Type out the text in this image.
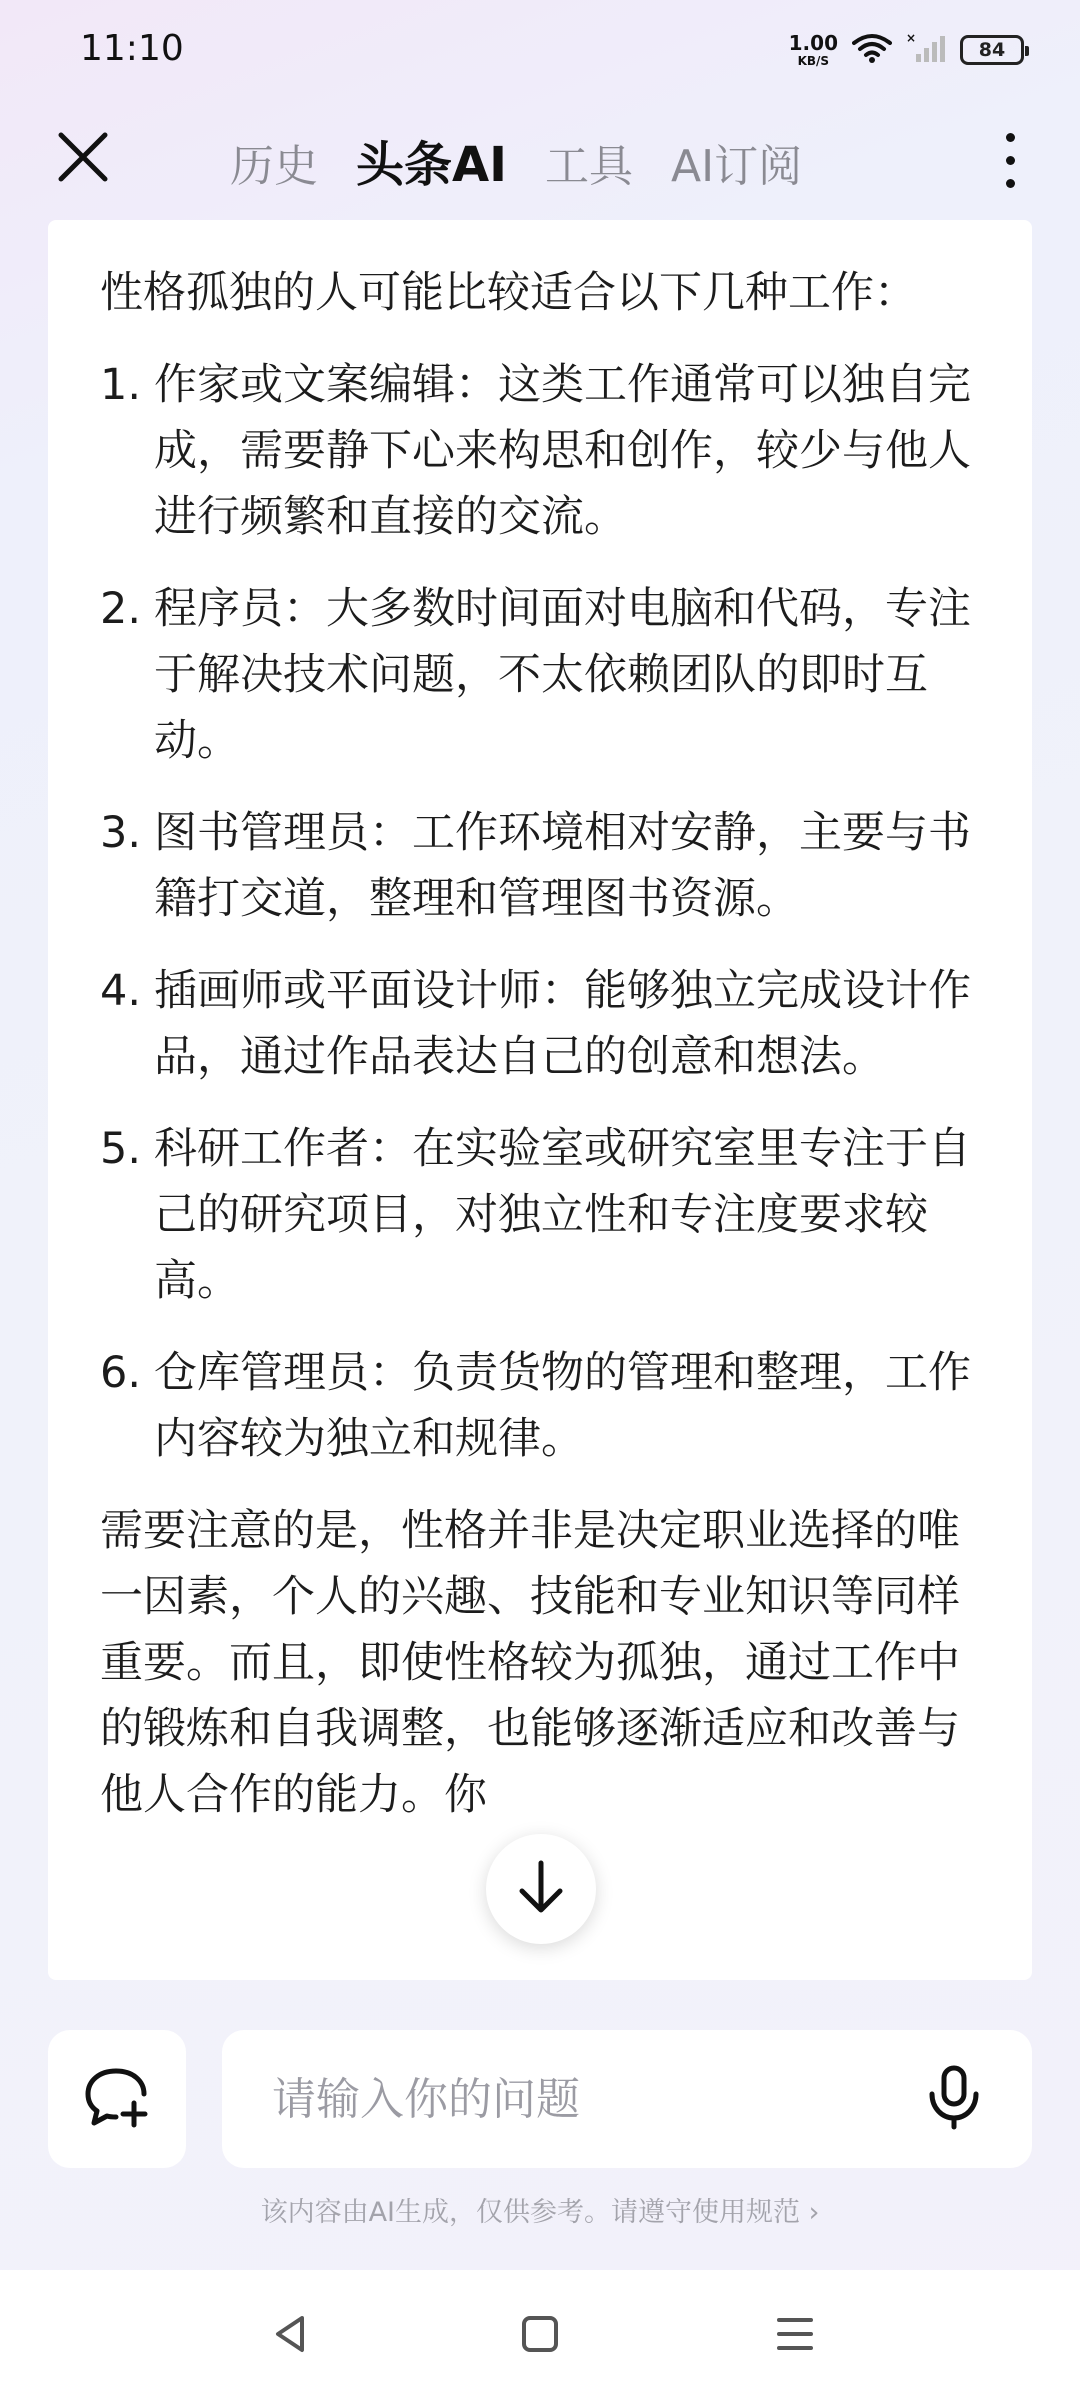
11:10	1.00
KB/S
×
84
历史 头条AI 工具 AI订阅

性格孤独的人可能比较适合以下几种工作：

1. 作家或文案编辑：这类工作通常可以独自完成，需要静下心来构思和创作，较少与他人进行频繁和直接的交流。
2. 程序员：大多数时间面对电脑和代码，专注于解决技术问题，不太依赖团队的即时互动。
3. 图书管理员：工作环境相对安静，主要与书籍打交道，整理和管理图书资源。
4. 插画师或平面设计师：能够独立完成设计作品，通过作品表达自己的创意和想法。
5. 科研工作者：在实验室或研究室里专注于自己的研究项目，对独立性和专注度要求较高。
6. 仓库管理员：负责货物的管理和整理，工作内容较为独立和规律。

需要注意的是，性格并非是决定职业选择的唯一因素，个人的兴趣、技能和专业知识等同样重要。而且，即使性格较为孤独，通过工作中的锻炼和自我调整，也能够逐渐适应和改善与他人合作的能力。你

请输入你的问题
该内容由AI生成，仅供参考。请遵守使用规范 ›
